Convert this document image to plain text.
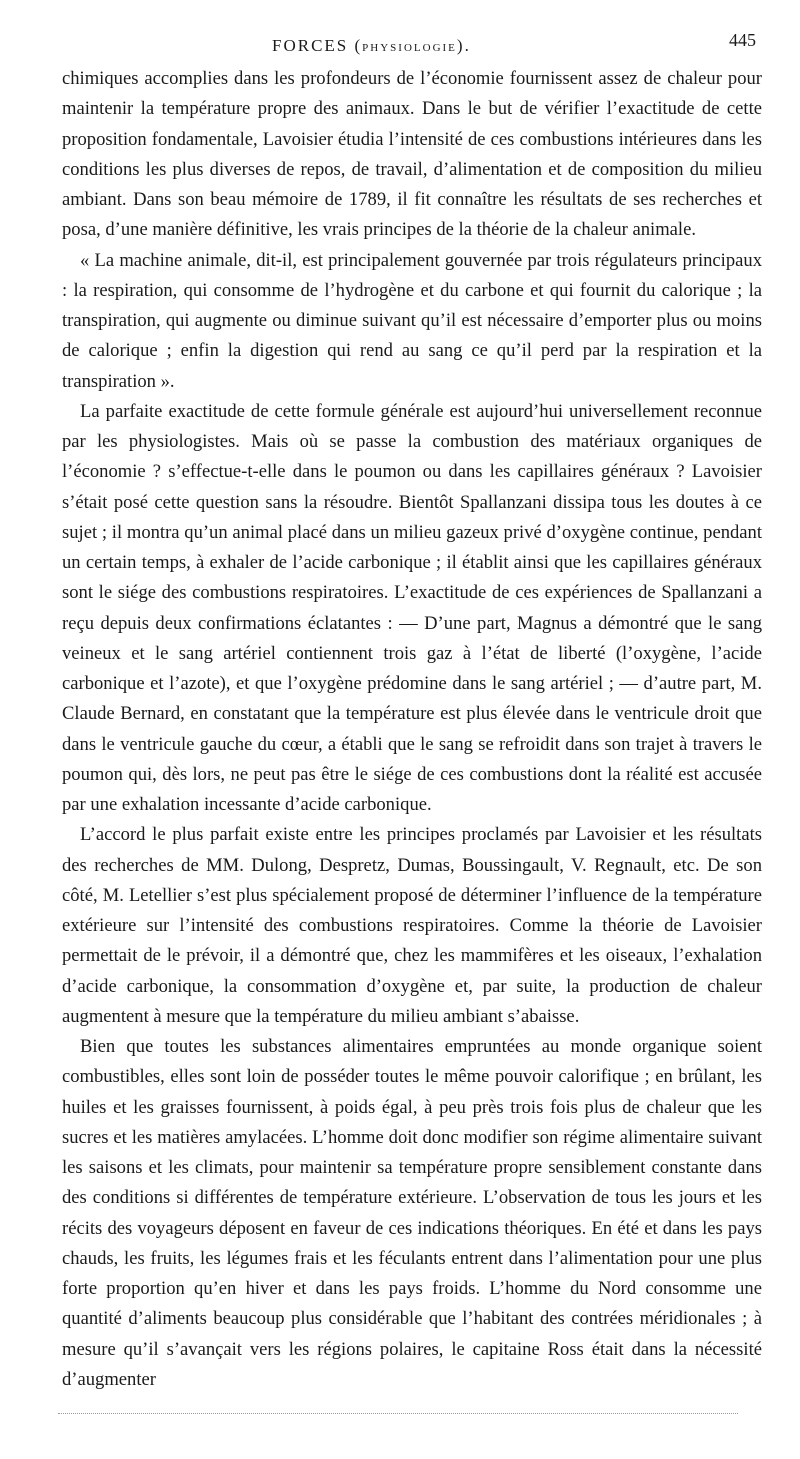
FORCES (PHYSIOLOGIE).	445

chimiques accomplies dans les profondeurs de l’économie fournissent assez de chaleur pour maintenir la température propre des animaux. Dans le but de vérifier l’exactitude de cette proposition fondamentale, Lavoisier étudia l’intensité de ces combustions intérieures dans les conditions les plus diverses de repos, de travail, d’alimentation et de composition du milieu ambiant. Dans son beau mémoire de 1789, il fit connaître les résultats de ses recherches et posa, d’une manière définitive, les vrais principes de la théorie de la chaleur animale.

« La machine animale, dit-il, est principalement gouvernée par trois régulateurs principaux : la respiration, qui consomme de l’hydrogène et du carbone et qui fournit du calorique ; la transpiration, qui augmente ou diminue suivant qu’il est nécessaire d’emporter plus ou moins de calorique ; enfin la digestion qui rend au sang ce qu’il perd par la respiration et la transpiration ».

La parfaite exactitude de cette formule générale est aujourd’hui universellement reconnue par les physiologistes. Mais où se passe la combustion des matériaux organiques de l’économie ? s’effectue-t-elle dans le poumon ou dans les capillaires généraux ? Lavoisier s’était posé cette question sans la résoudre. Bientôt Spallanzani dissipa tous les doutes à ce sujet ; il montra qu’un animal placé dans un milieu gazeux privé d’oxygène continue, pendant un certain temps, à exhaler de l’acide carbonique ; il établit ainsi que les capillaires généraux sont le siége des combustions respiratoires. L’exactitude de ces expériences de Spallanzani a reçu depuis deux confirmations éclatantes : — D’une part, Magnus a démontré que le sang veineux et le sang artériel contiennent trois gaz à l’état de liberté (l’oxygène, l’acide carbonique et l’azote), et que l’oxygène prédomine dans le sang artériel ; — d’autre part, M. Claude Bernard, en constatant que la température est plus élevée dans le ventricule droit que dans le ventricule gauche du cœur, a établi que le sang se refroidit dans son trajet à travers le poumon qui, dès lors, ne peut pas être le siége de ces combustions dont la réalité est accusée par une exhalation incessante d’acide carbonique.

L’accord le plus parfait existe entre les principes proclamés par Lavoisier et les résultats des recherches de MM. Dulong, Despretz, Dumas, Boussingault, V. Regnault, etc. De son côté, M. Letellier s’est plus spécialement proposé de déterminer l’influence de la température extérieure sur l’intensité des combustions respiratoires. Comme la théorie de Lavoisier permettait de le prévoir, il a démontré que, chez les mammifères et les oiseaux, l’exhalation d’acide carbonique, la consommation d’oxygène et, par suite, la production de chaleur augmentent à mesure que la température du milieu ambiant s’abaisse.

Bien que toutes les substances alimentaires empruntées au monde organique soient combustibles, elles sont loin de posséder toutes le même pouvoir calorifique ; en brûlant, les huiles et les graisses fournissent, à poids égal, à peu près trois fois plus de chaleur que les sucres et les matières amylacées. L’homme doit donc modifier son régime alimentaire suivant les saisons et les climats, pour maintenir sa température propre sensiblement constante dans des conditions si différentes de température extérieure. L’observation de tous les jours et les récits des voyageurs déposent en faveur de ces indications théoriques. En été et dans les pays chauds, les fruits, les légumes frais et les féculants entrent dans l’alimentation pour une plus forte proportion qu’en hiver et dans les pays froids. L’homme du Nord consomme une quantité d’aliments beaucoup plus considérable que l’habitant des contrées méridionales ; à mesure qu’il s’avançait vers les régions polaires, le capitaine Ross était dans la nécessité d’augmenter
